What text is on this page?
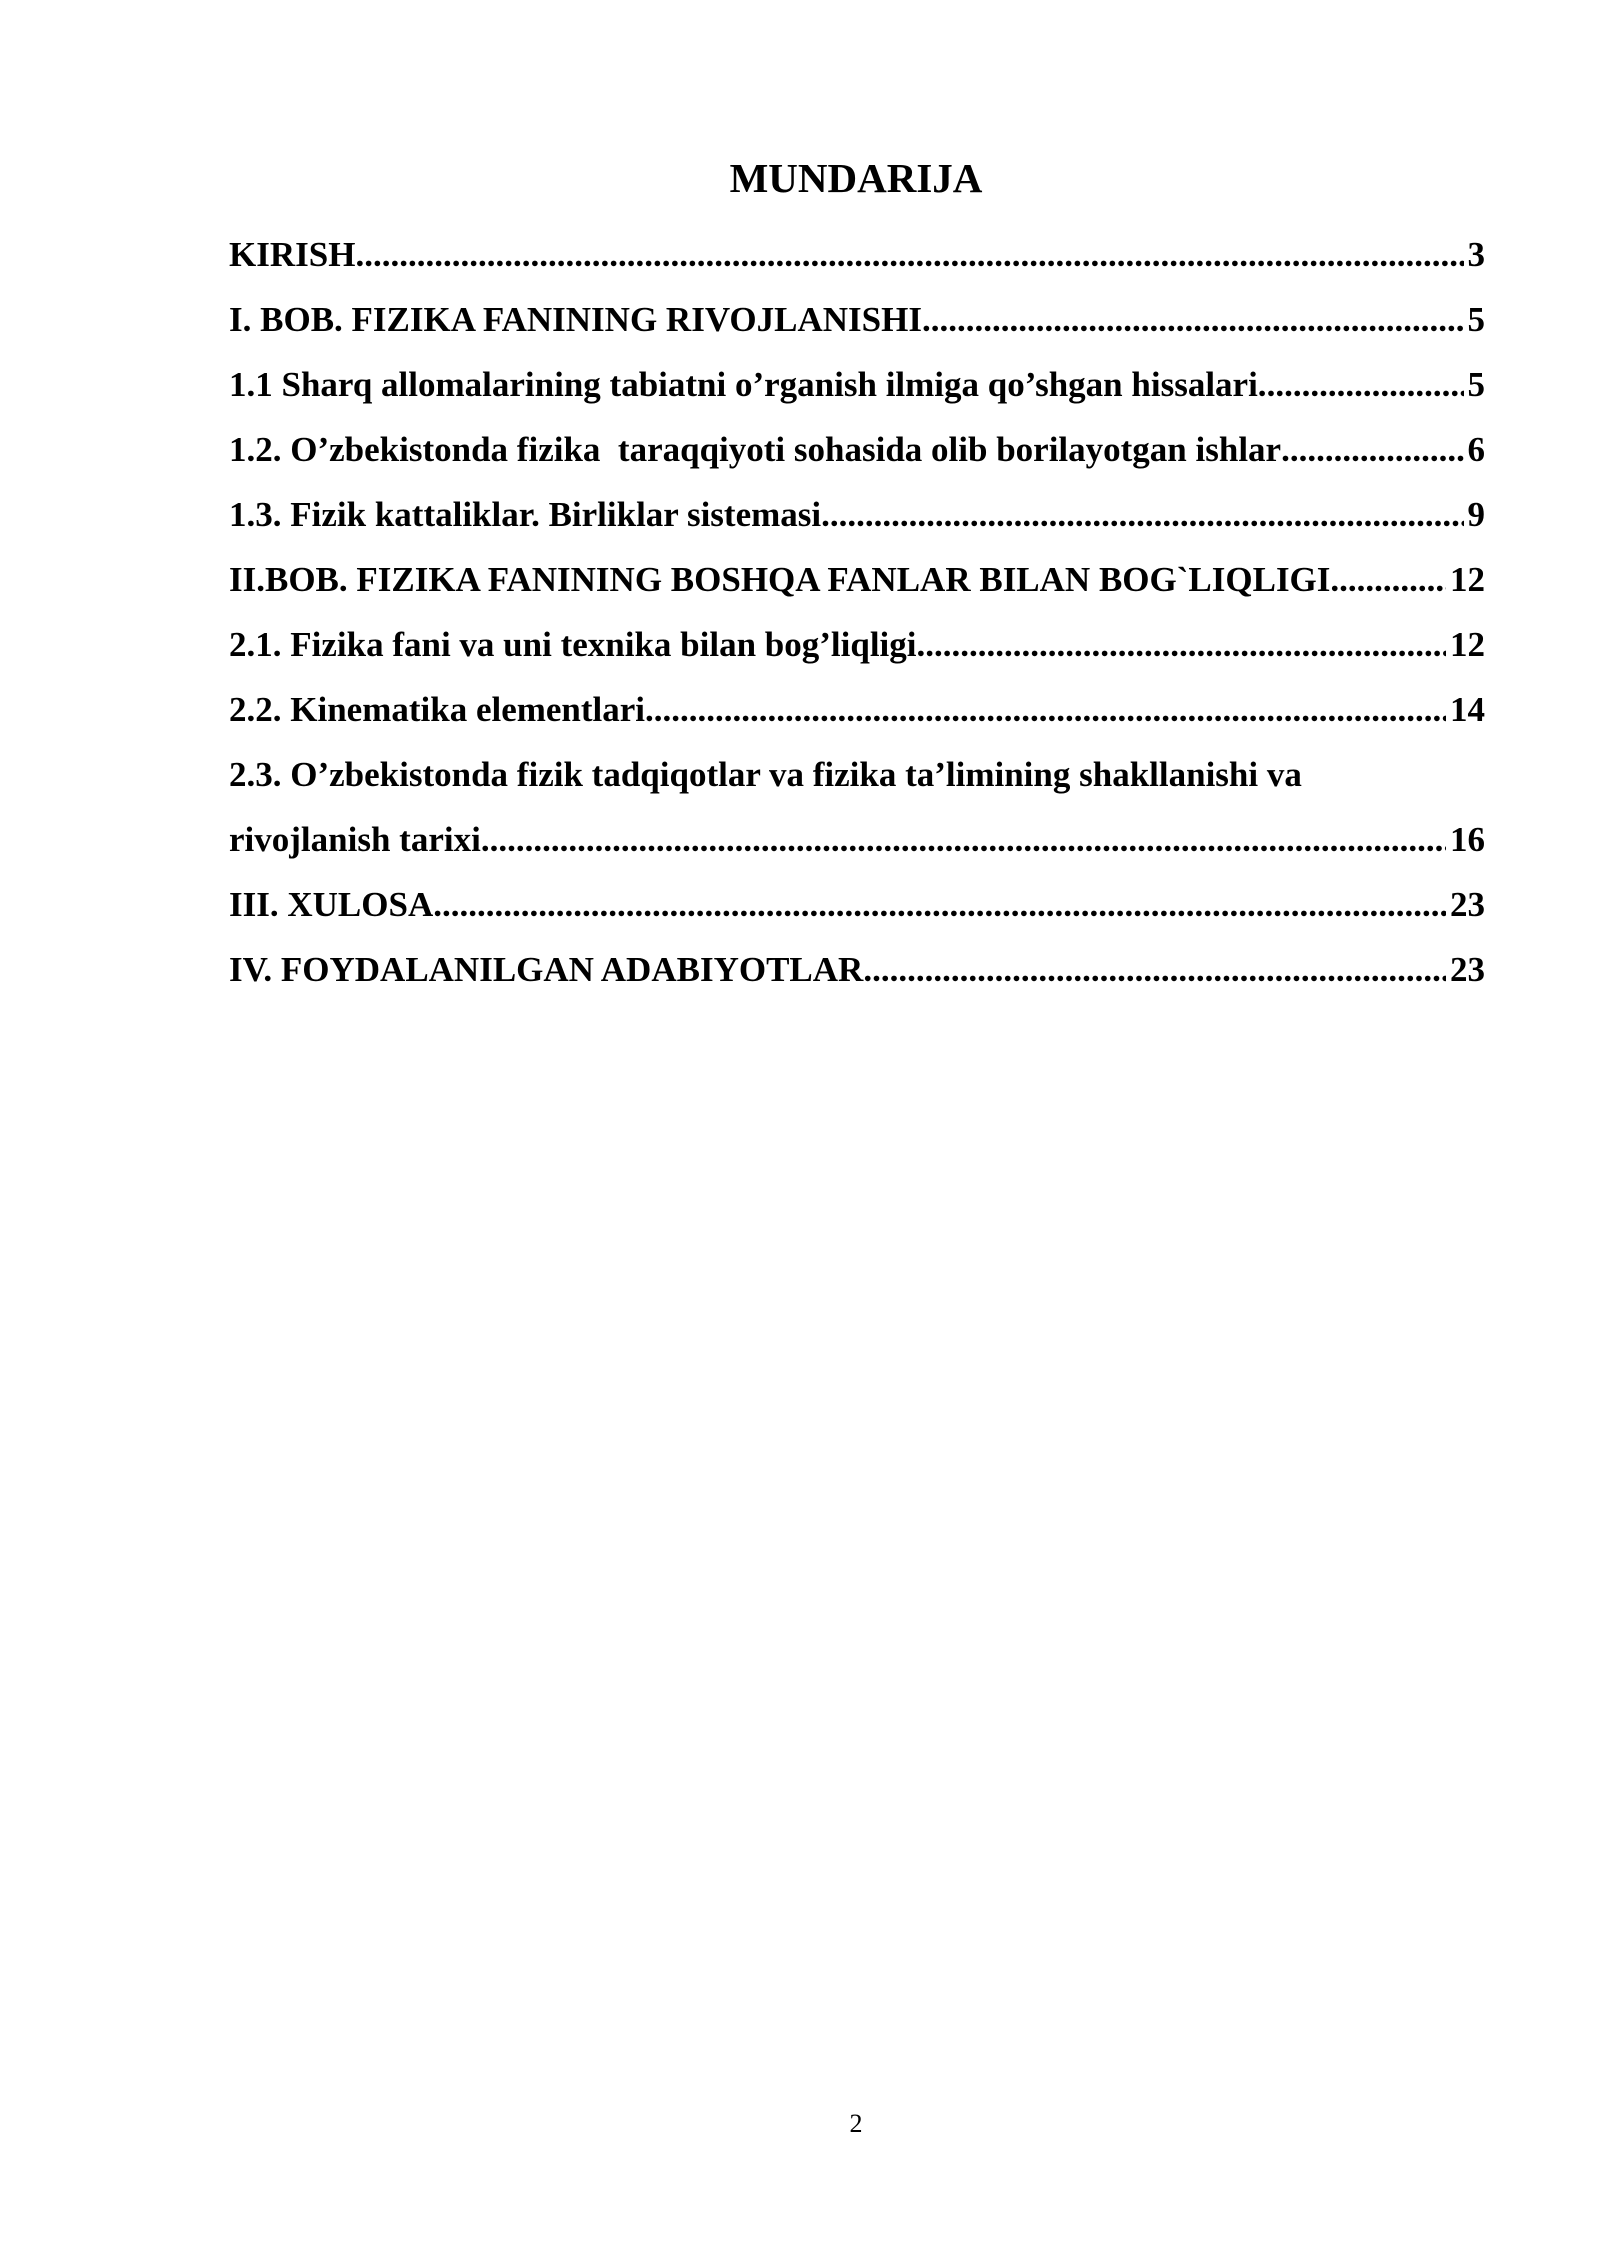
MUNDARIJA
KIRISH .....	3
I. BOB. FIZIKA FANINING RIVOJLANISHI .....	5
1.1 Sharq allomalarining tabiatni o’rganish ilmiga qo’shgan hissalari. .....	5
1.2. O’zbekistonda fizika  taraqqiyoti sohasida olib borilayotgan ishlar .....	6
1.3. Fizik kattaliklar. Birliklar sistemasi .....	9
II.BOB. FIZIKA FANINING BOSHQA FANLAR BILAN BOG`LIQLIGI. .....	12
2.1. Fizika fani va uni texnika bilan bog’liqligi .....	12
2.2. Kinematika elementlari .....	14
2.3. O’zbekistonda fizik tadqiqotlar va fizika ta’limining shakllanishi va
rivojlanish tarixi .....	16
III. XULOSA .....	23
IV. FOYDALANILGAN ADABIYOTLAR .....	23
2
